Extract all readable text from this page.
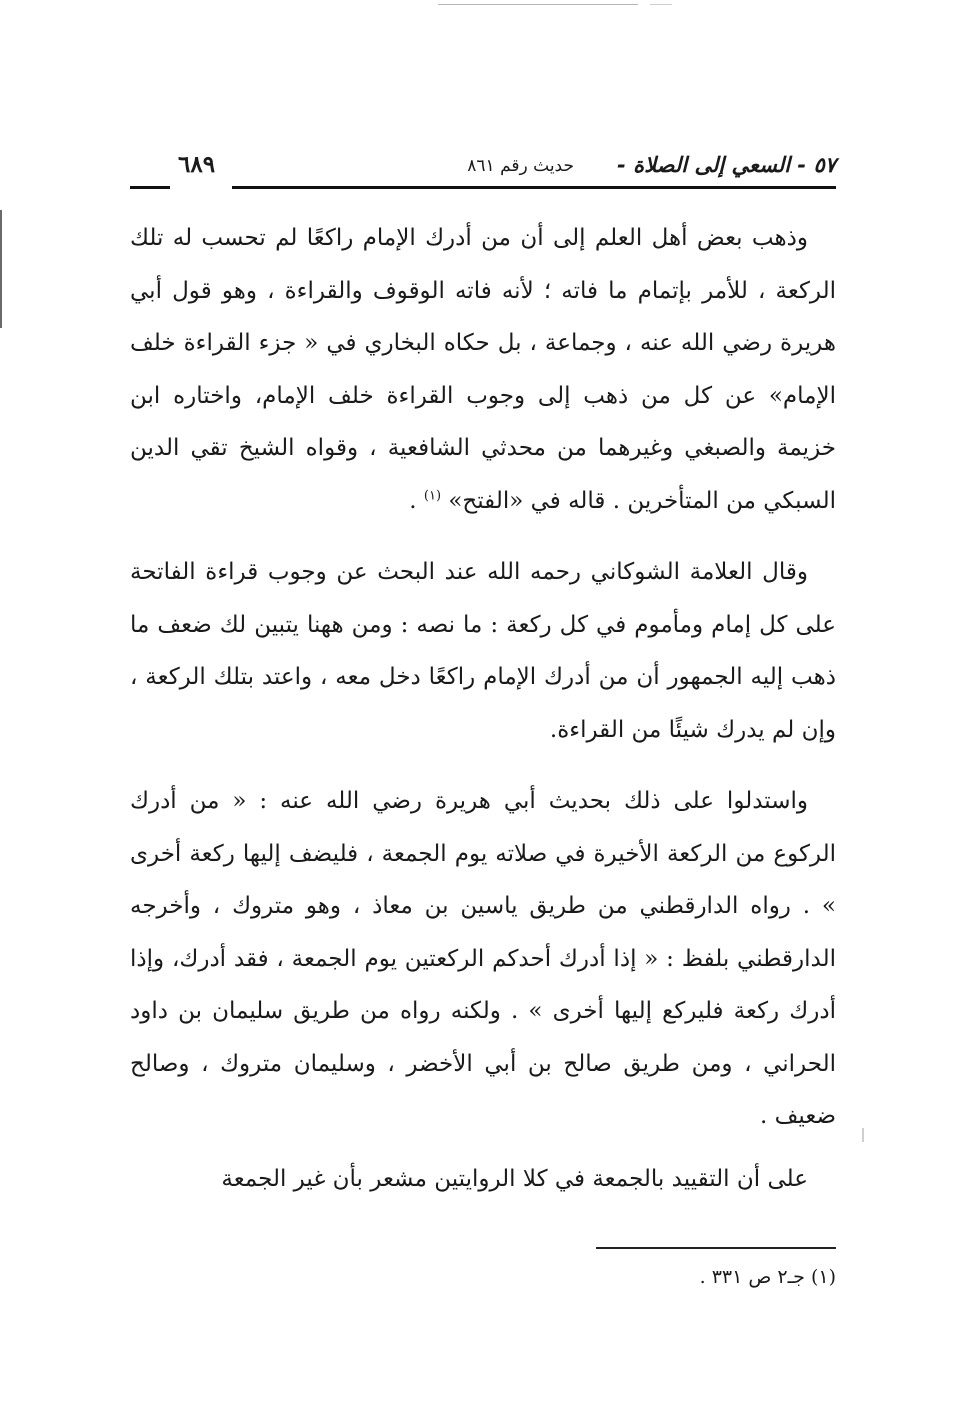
٥٧ - السعي إلى الصلاة -
حديث رقم ٨٦١
٦٨٩

وذهب بعض أهل العلم إلى أن من أدرك الإمام راكعًا لم تحسب له تلك الركعة ، للأمر بإتمام ما فاته ؛ لأنه فاته الوقوف والقراءة ، وهو قول أبي هريرة رضي الله عنه ، وجماعة ، بل حكاه البخاري في « جزء القراءة خلف الإمام» عن كل من ذهب إلى وجوب القراءة خلف الإمام، واختاره ابن خزيمة والصبغي وغيرهما من محدثي الشافعية ، وقواه الشيخ تقي الدين السبكي من المتأخرين . قاله في «الفتح» $^{(١)}$ .

وقال العلامة الشوكاني رحمه الله عند البحث عن وجوب قراءة الفاتحة على كل إمام ومأموم في كل ركعة : ما نصه : ومن ههنا يتبين لك ضعف ما ذهب إليه الجمهور أن من أدرك الإمام راكعًا دخل معه ، واعتد بتلك الركعة ، وإن لم يدرك شيئًا من القراءة.

واستدلوا على ذلك بحديث أبي هريرة رضي الله عنه : « من أدرك الركوع من الركعة الأخيرة في صلاته يوم الجمعة ، فليضف إليها ركعة أخرى » . رواه الدارقطني من طريق ياسين بن معاذ ، وهو متروك ، وأخرجه الدارقطني بلفظ : « إذا أدرك أحدكم الركعتين يوم الجمعة ، فقد أدرك، وإذا أدرك ركعة فليركع إليها أخرى » . ولكنه رواه من طريق سليمان بن داود الحراني ، ومن طريق صالح بن أبي الأخضر ، وسليمان متروك ، وصالح ضعيف .

على أن التقييد بالجمعة في كلا الروايتين مشعر بأن غير الجمعة

(١) جـ٢ ص ٣٣١ .
